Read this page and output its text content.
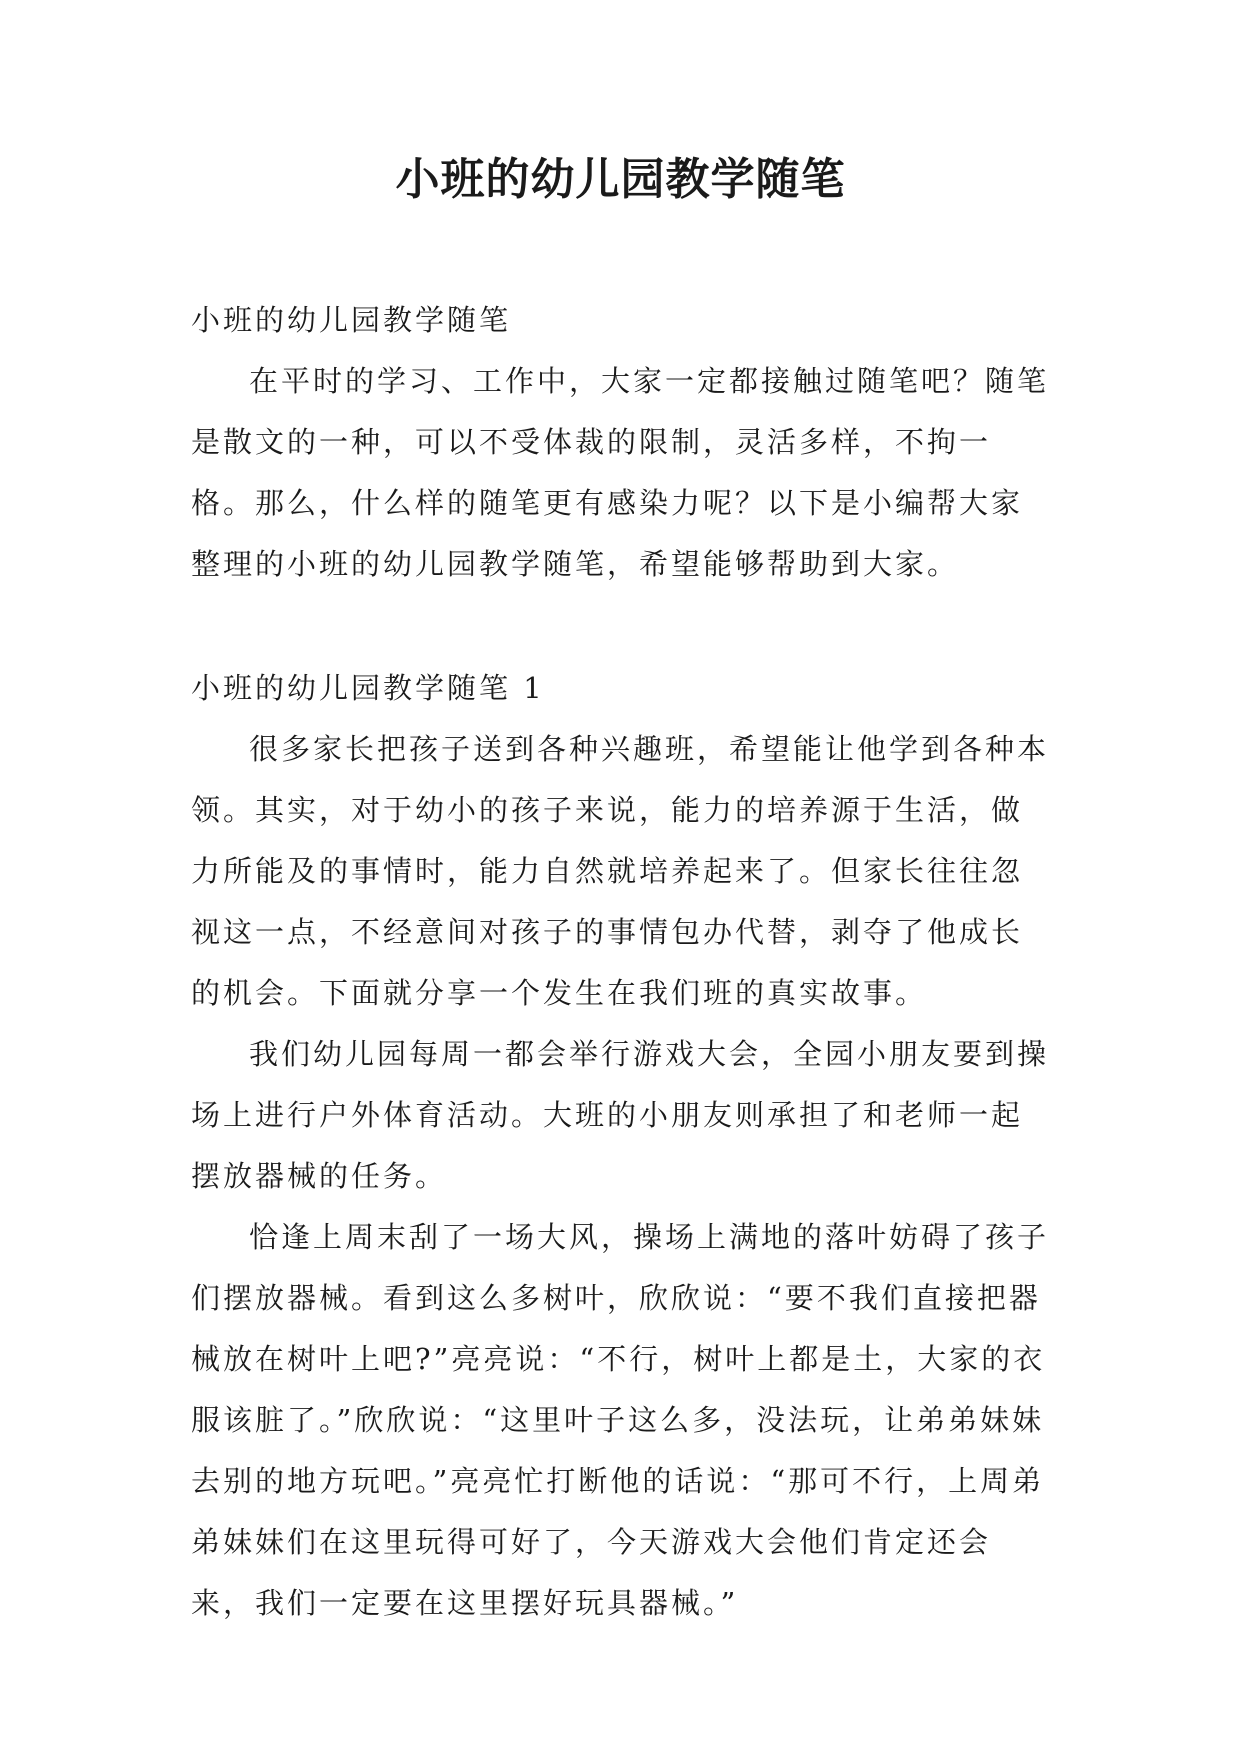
小班的幼儿园教学随笔

小班的幼儿园教学随笔

在平时的学习、工作中，大家一定都接触过随笔吧？随笔是散文的一种，可以不受体裁的限制，灵活多样，不拘一格。那么，什么样的随笔更有感染力呢？以下是小编帮大家整理的小班的幼儿园教学随笔，希望能够帮助到大家。

小班的幼儿园教学随笔 1

很多家长把孩子送到各种兴趣班，希望能让他学到各种本领。其实，对于幼小的孩子来说，能力的培养源于生活，做力所能及的事情时，能力自然就培养起来了。但家长往往忽视这一点，不经意间对孩子的事情包办代替，剥夺了他成长的机会。下面就分享一个发生在我们班的真实故事。

我们幼儿园每周一都会举行游戏大会，全园小朋友要到操场上进行户外体育活动。大班的小朋友则承担了和老师一起摆放器械的任务。

恰逢上周末刮了一场大风，操场上满地的落叶妨碍了孩子们摆放器械。看到这么多树叶，欣欣说：“要不我们直接把器械放在树叶上吧?”亮亮说：“不行，树叶上都是土，大家的衣服该脏了。”欣欣说：“这里叶子这么多，没法玩，让弟弟妹妹去别的地方玩吧。”亮亮忙打断他的话说：“那可不行，上周弟弟妹妹们在这里玩得可好了，今天游戏大会他们肯定还会来，我们一定要在这里摆好玩具器械。”
